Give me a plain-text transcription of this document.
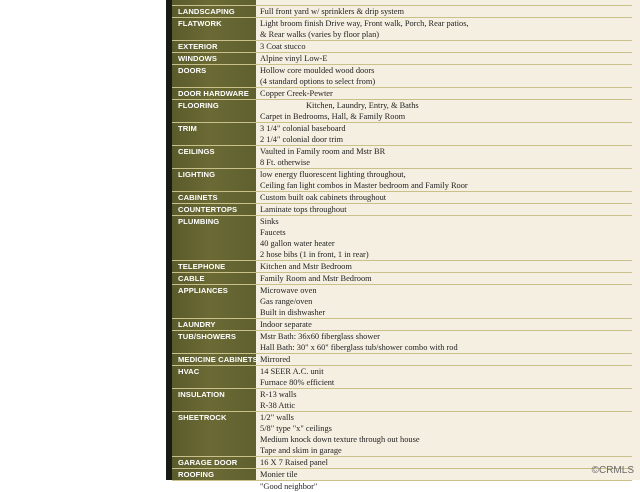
LANDSCAPING	Full front yard w/ sprinklers & drip system
FLATWORK	Light broom finish Drive way, Front walk, Porch, Rear patios,
& Rear walks (varies by floor plan)
EXTERIOR	3 Coat stucco
WINDOWS	Alpine vinyl Low-E
DOORS	Hollow core moulded wood doors
(4 standard options to select from)
DOOR HARDWARE	Copper Creek-Pewter
FLOORING	Kitchen, Laundry, Entry, & Baths
Carpet in Bedrooms, Hall, & Family Room
TRIM	3 1/4" colonial baseboard
2 1/4" colonial door trim
CEILINGS	Vaulted in Family room and Mstr BR
8 Ft. otherwise
LIGHTING	low energy fluorescent lighting throughout,
Ceiling fan light combos in Master bedroom and Family Roor
CABINETS	Custom built oak cabinets throughout
COUNTERTOPS	Laminate tops throughout
PLUMBING	Sinks
Faucets
40 gallon water heater
2 hose bibs (1 in front, 1 in rear)
TELEPHONE	Kitchen and Mstr Bedroom
CABLE	Family Room and Mstr Bedroom
APPLIANCES	Microwave oven
Gas range/oven
Built in dishwasher
LAUNDRY	Indoor separate
TUB/SHOWERS	Mstr Bath: 36x60 fiberglass shower
Hall Bath: 30" x 60" fiberglass tub/shower combo with rod
MEDICINE CABINETS Mirrored
HVAC	14 SEER A.C. unit
Furnace 80% efficient
INSULATION	R-13 walls
R-38 Attic
SHEETROCK	1/2" walls
5/8" type "x" ceilings
Medium knock down texture through out house
Tape and skim in garage
GARAGE DOOR	16 X 7 Raised panel
ROOFING	Monier tile
FENCING 6'	"Good neighbor"
©CRMLS
